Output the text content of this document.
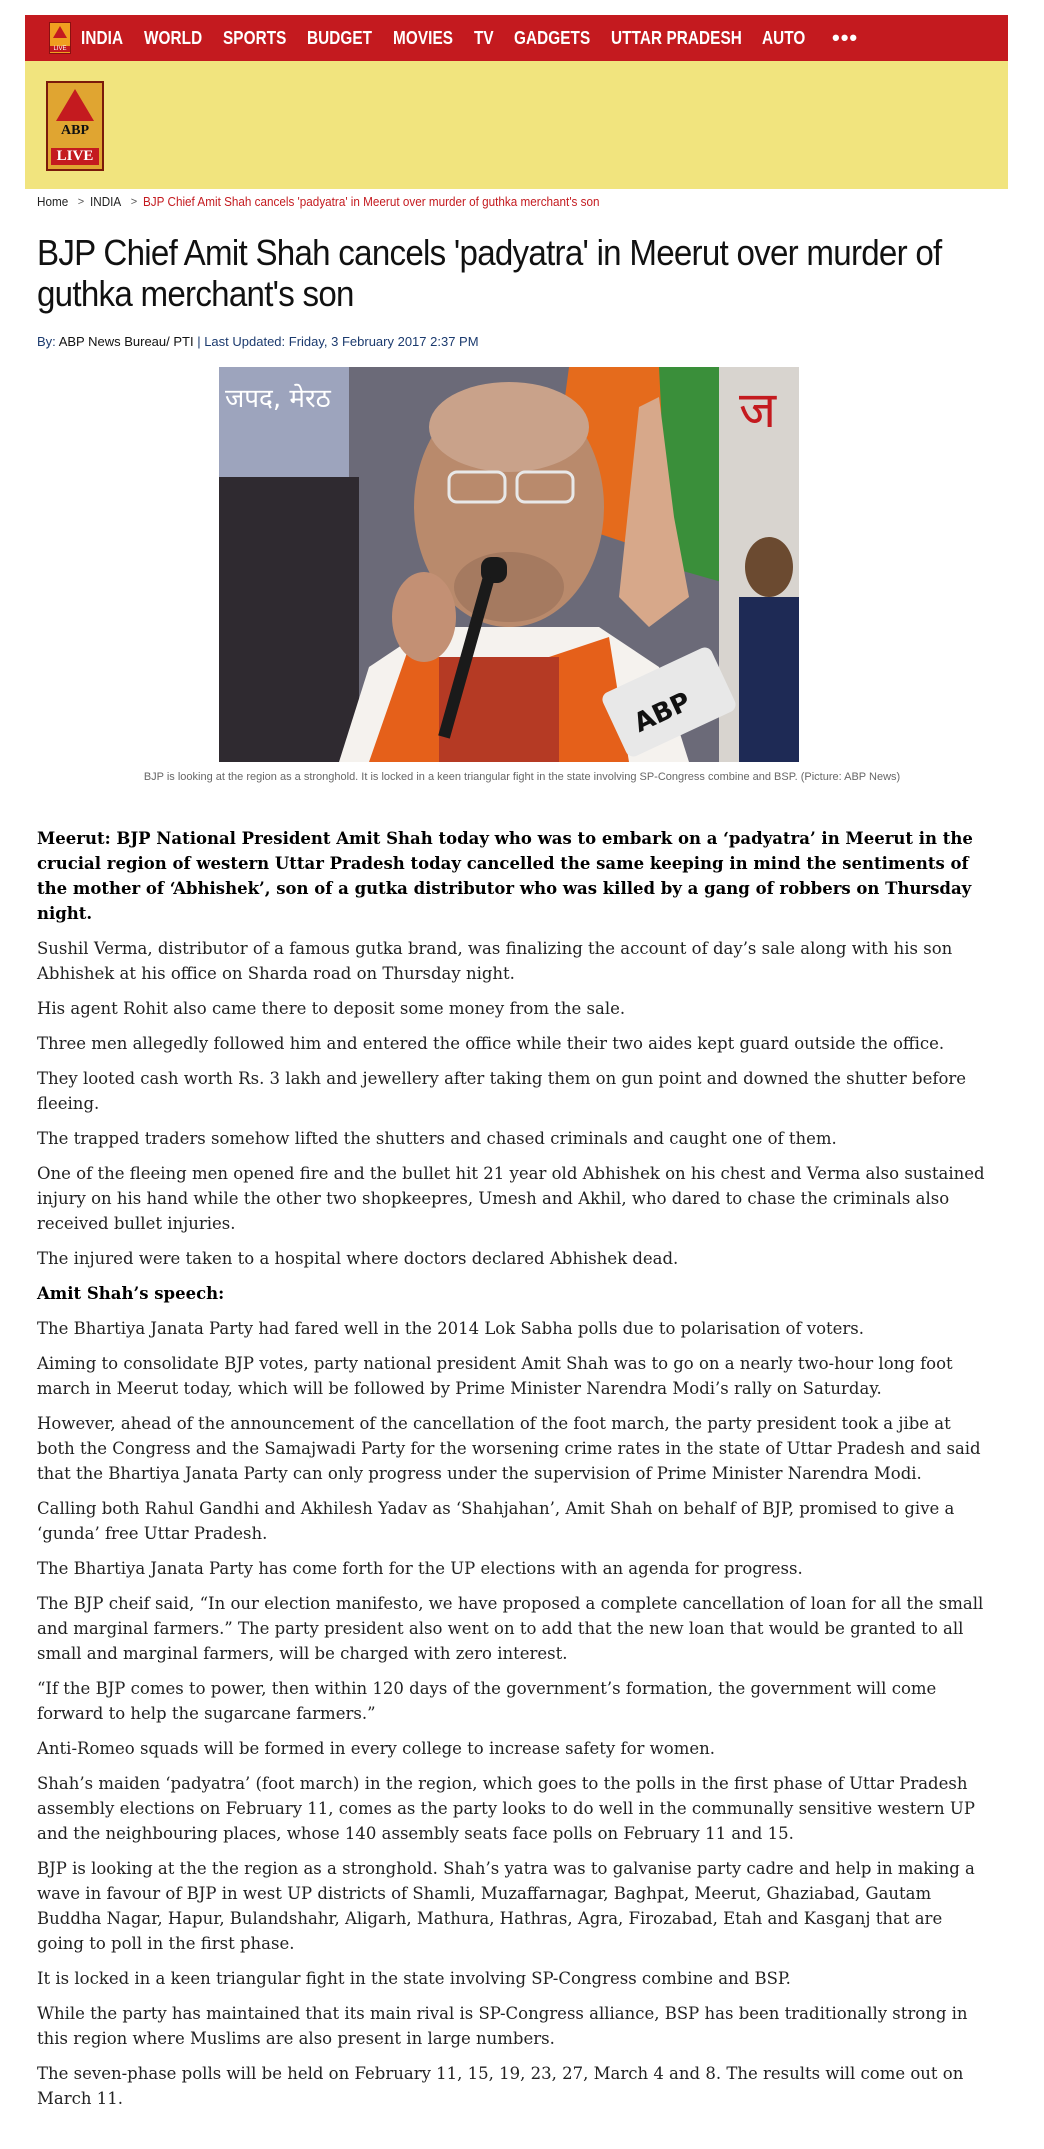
LIVE
INDIA	WORLD	SPORTS	BUDGET	MOVIES	TV	GADGETS	UTTAR PRADESH	AUTO	•••
ABP
LIVE
Home > INDIA > BJP Chief Amit Shah cancels 'padyatra' in Meerut over murder of guthka merchant's son
BJP Chief Amit Shah cancels 'padyatra' in Meerut over murder of guthka merchant's son
By: ABP News Bureau/ PTI | Last Updated: Friday, 3 February 2017 2:37 PM
जपद, मेरठ	ज
ABP
BJP is looking at the region as a stronghold. It is locked in a keen triangular fight in the state involving SP-Congress combine and BSP. (Picture: ABP News)

Meerut: BJP National President Amit Shah today who was to embark on a ‘padyatra’ in Meerut in the crucial region of western Uttar Pradesh today cancelled the same keeping in mind the sentiments of the mother of ‘Abhishek’, son of a gutka distributor who was killed by a gang of robbers on Thursday night.

Sushil Verma, distributor of a famous gutka brand, was finalizing the account of day’s sale along with his son Abhishek at his office on Sharda road on Thursday night.

His agent Rohit also came there to deposit some money from the sale.

Three men allegedly followed him and entered the office while their two aides kept guard outside the office.

They looted cash worth Rs. 3 lakh and jewellery after taking them on gun point and downed the shutter before fleeing.

The trapped traders somehow lifted the shutters and chased criminals and caught one of them.

One of the fleeing men opened fire and the bullet hit 21 year old Abhishek on his chest and Verma also sustained injury on his hand while the other two shopkeepres, Umesh and Akhil, who dared to chase the criminals also received bullet injuries.

The injured were taken to a hospital where doctors declared Abhishek dead.

Amit Shah’s speech:

The Bhartiya Janata Party had fared well in the 2014 Lok Sabha polls due to polarisation of voters.

Aiming to consolidate BJP votes, party national president Amit Shah was to go on a nearly two-hour long foot march in Meerut today, which will be followed by Prime Minister Narendra Modi’s rally on Saturday.

However, ahead of the announcement of the cancellation of the foot march, the party president took a jibe at both the Congress and the Samajwadi Party for the worsening crime rates in the state of Uttar Pradesh and said that the Bhartiya Janata Party can only progress under the supervision of Prime Minister Narendra Modi.

Calling both Rahul Gandhi and Akhilesh Yadav as ‘Shahjahan’, Amit Shah on behalf of BJP, promised to give a ‘gunda’ free Uttar Pradesh.

The Bhartiya Janata Party has come forth for the UP elections with an agenda for progress.

The BJP cheif said, “In our election manifesto, we have proposed a complete cancellation of loan for all the small and marginal farmers.” The party president also went on to add that the new loan that would be granted to all small and marginal farmers, will be charged with zero interest.

“If the BJP comes to power, then within 120 days of the government’s formation, the government will come forward to help the sugarcane farmers.”

Anti-Romeo squads will be formed in every college to increase safety for women.

Shah’s maiden ‘padyatra’ (foot march) in the region, which goes to the polls in the first phase of Uttar Pradesh assembly elections on February 11, comes as the party looks to do well in the communally sensitive western UP and the neighbouring places, whose 140 assembly seats face polls on February 11 and 15.

BJP is looking at the the region as a stronghold. Shah’s yatra was to galvanise party cadre and help in making a wave in favour of BJP in west UP districts of Shamli, Muzaffarnagar, Baghpat, Meerut, Ghaziabad, Gautam Buddha Nagar, Hapur, Bulandshahr, Aligarh, Mathura, Hathras, Agra, Firozabad, Etah and Kasganj that are going to poll in the first phase.

It is locked in a keen triangular fight in the state involving SP-Congress combine and BSP.

While the party has maintained that its main rival is SP-Congress alliance, BSP has been traditionally strong in this region where Muslims are also present in large numbers.

The seven-phase polls will be held on February 11, 15, 19, 23, 27, March 4 and 8. The results will come out on March 11.
